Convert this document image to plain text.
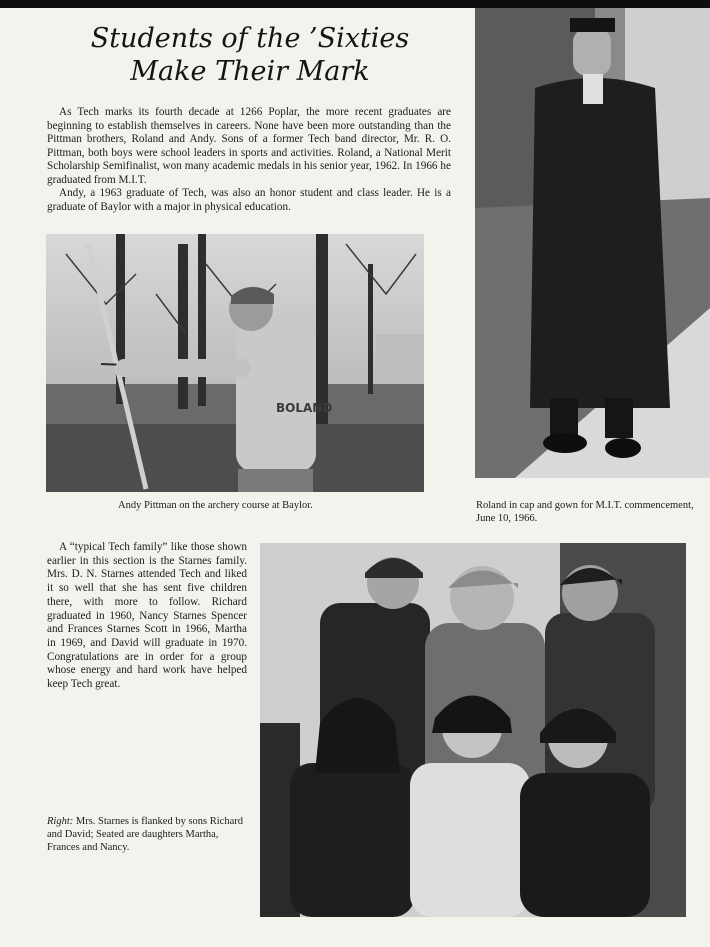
Students of the ’Sixties
Make Their Mark

As Tech marks its fourth decade at 1266 Poplar, the more recent graduates are beginning to establish themselves in careers. None have been more outstanding than the Pittman brothers, Roland and Andy. Sons of a former Tech band director, Mr. R. O. Pittman, both boys were school leaders in sports and activities. Roland, a National Merit Scholarship Semifinalist, won many academic medals in his senior year, 1962. In 1966 he graduated from M.I.T.

Andy, a 1963 graduate of Tech, was also an honor student and class leader. He is a graduate of Baylor with a major in physical education.

BOLAND
Andy Pittman on the archery course at Baylor.	Roland in cap and gown for M.I.T. commencement, June 10, 1966.

A “typical Tech family” like those shown earlier in this section is the Starnes family. Mrs. D. N. Starnes attended Tech and liked it so well that she has sent five children there, with more to follow. Richard graduated in 1960, Nancy Starnes Spencer and Frances Starnes Scott in 1966, Martha in 1969, and David will graduate in 1970. Congratulations are in order for a group whose energy and hard work have helped keep Tech great.

Right: Mrs. Starnes is flanked by sons Richard and David; Seated are daughters Martha, Frances and Nancy.
